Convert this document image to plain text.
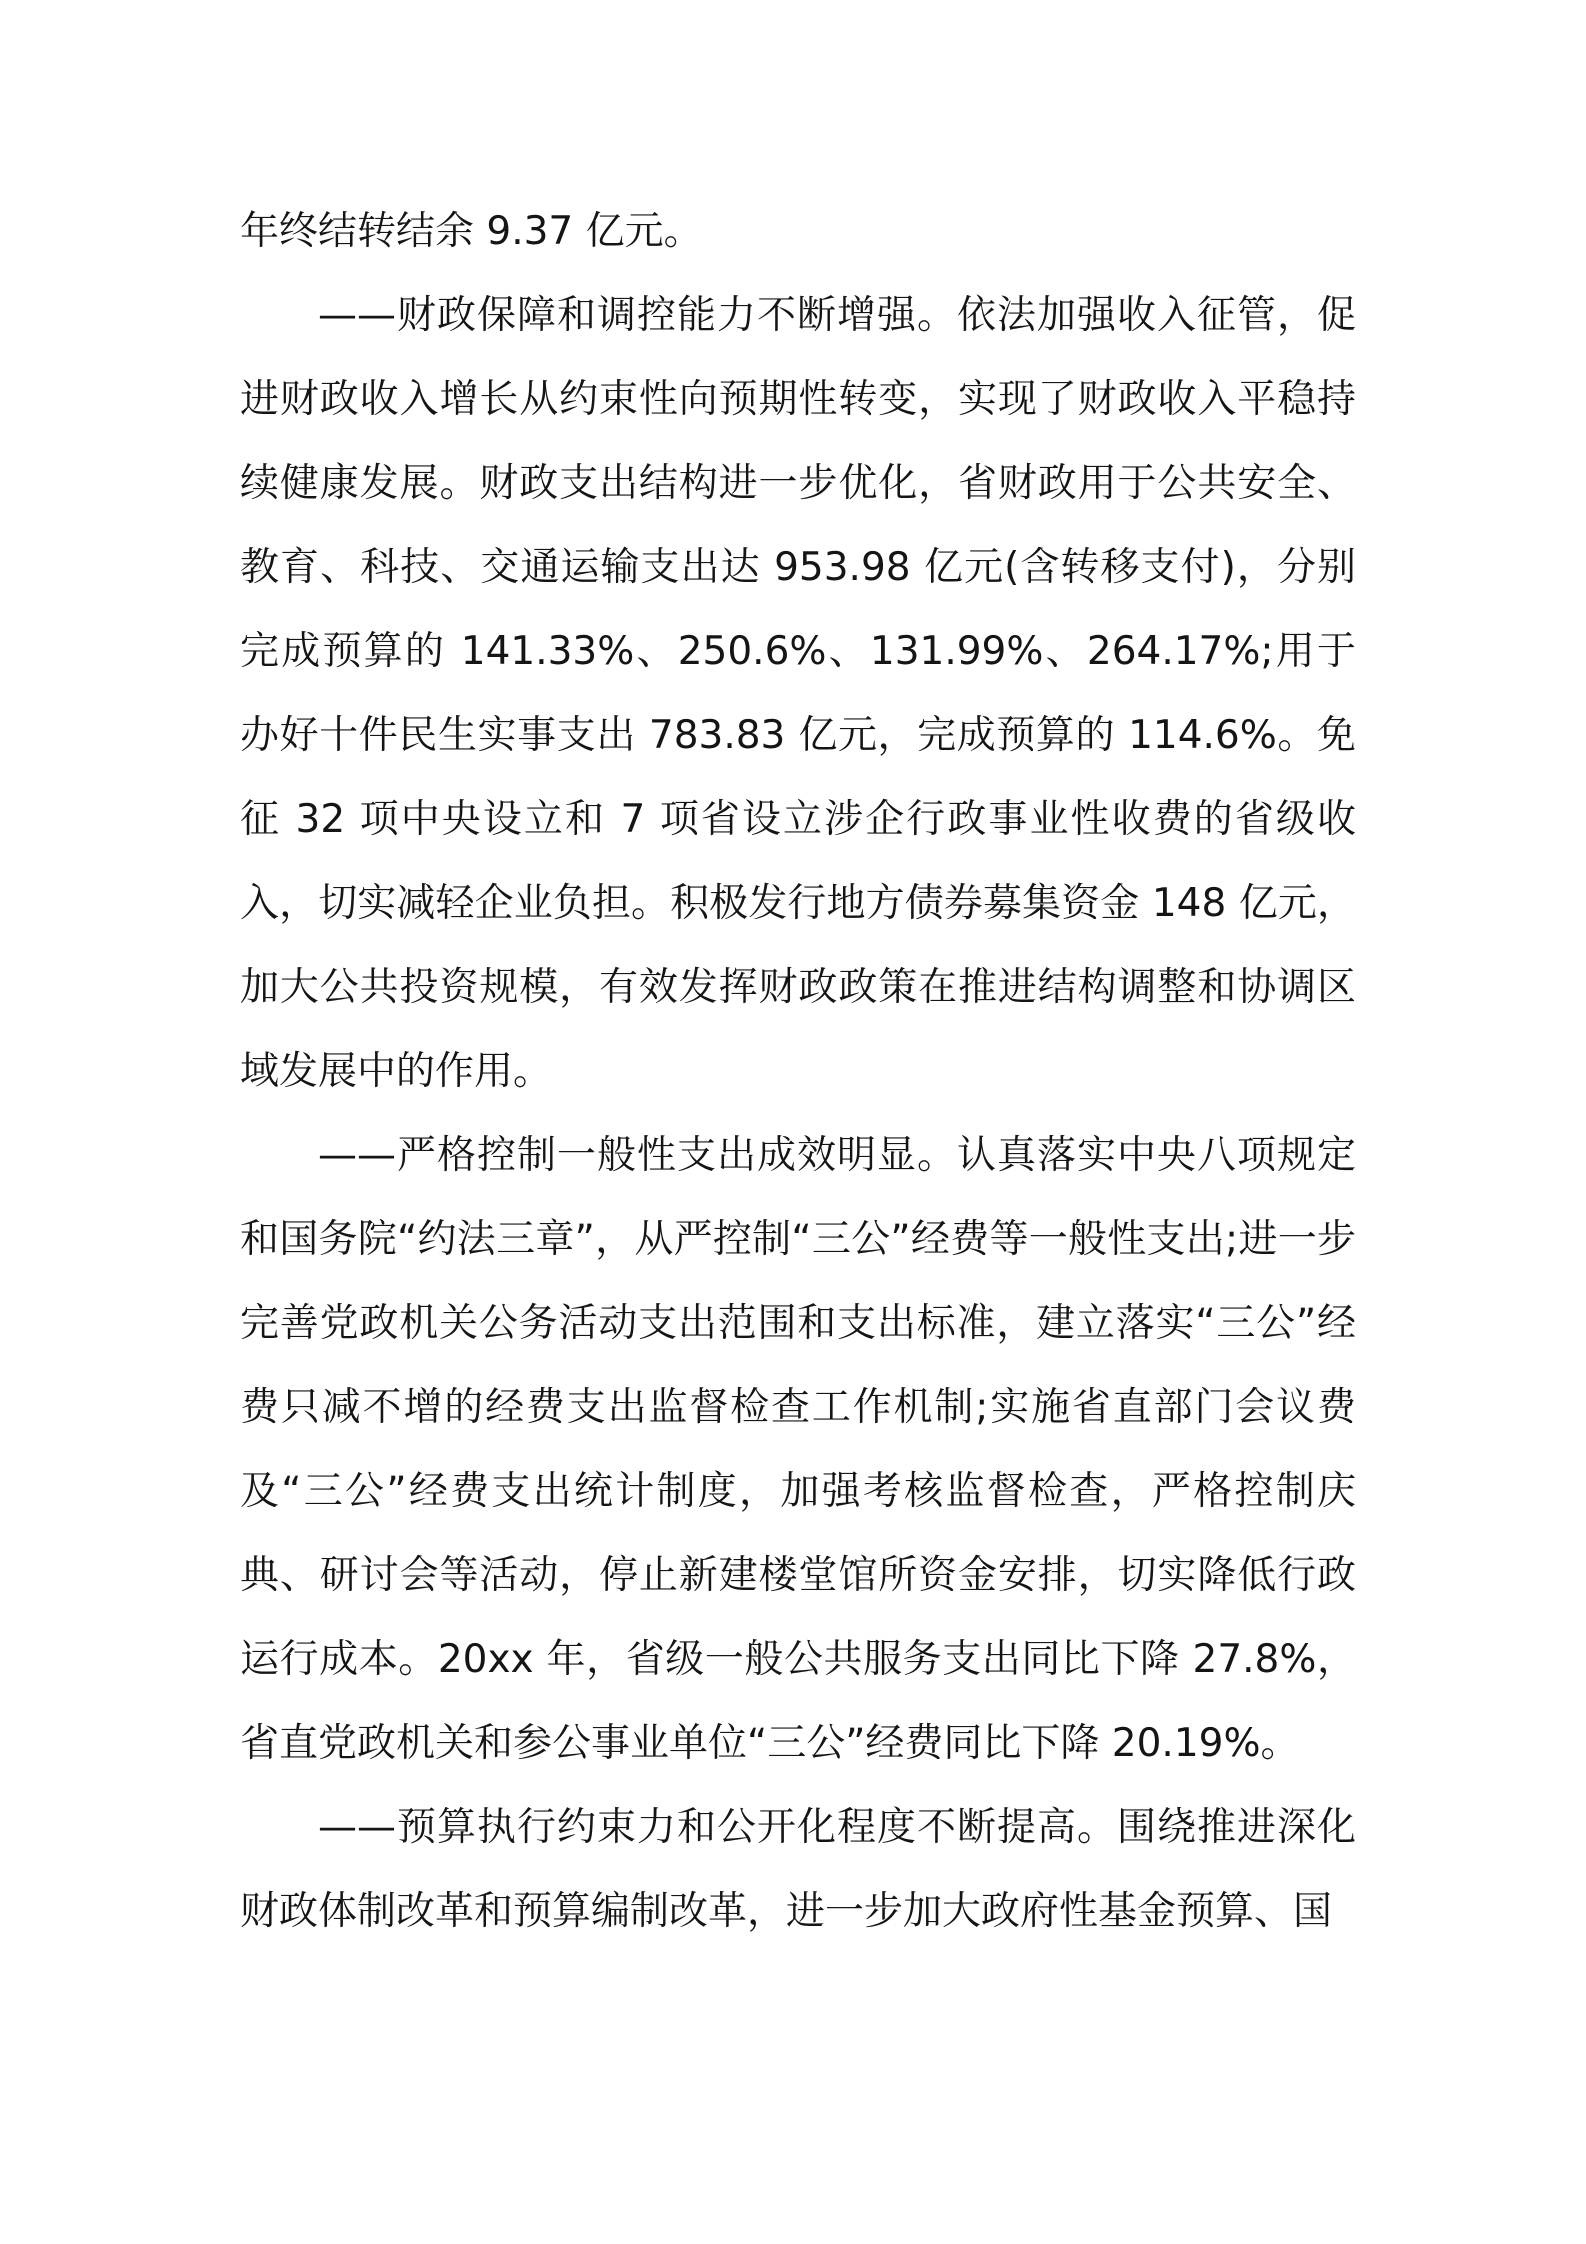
年终结转结余 9.37 亿元。

——财政保障和调控能力不断增强。依法加强收入征管，促进财政收入增长从约束性向预期性转变，实现了财政收入平稳持续健康发展。财政支出结构进一步优化，省财政用于公共安全、教育、科技、交通运输支出达 953.98 亿元(含转移支付)，分别完成预算的 141.33%、250.6%、131.99%、264.17%;用于办好十件民生实事支出 783.83 亿元，完成预算的 114.6%。免征 32 项中央设立和 7 项省设立涉企行政事业性收费的省级收入，切实减轻企业负担。积极发行地方债券募集资金 148 亿元，加大公共投资规模，有效发挥财政政策在推进结构调整和协调区域发展中的作用。

——严格控制一般性支出成效明显。认真落实中央八项规定和国务院“约法三章”，从严控制“三公”经费等一般性支出;进一步完善党政机关公务活动支出范围和支出标准，建立落实“三公”经费只减不增的经费支出监督检查工作机制;实施省直部门会议费及“三公”经费支出统计制度，加强考核监督检查，严格控制庆典、研讨会等活动，停止新建楼堂馆所资金安排，切实降低行政运行成本。20xx 年，省级一般公共服务支出同比下降 27.8%，省直党政机关和参公事业单位“三公”经费同比下降 20.19%。

——预算执行约束力和公开化程度不断提高。围绕推进深化财政体制改革和预算编制改革，进一步加大政府性基金预算、国
